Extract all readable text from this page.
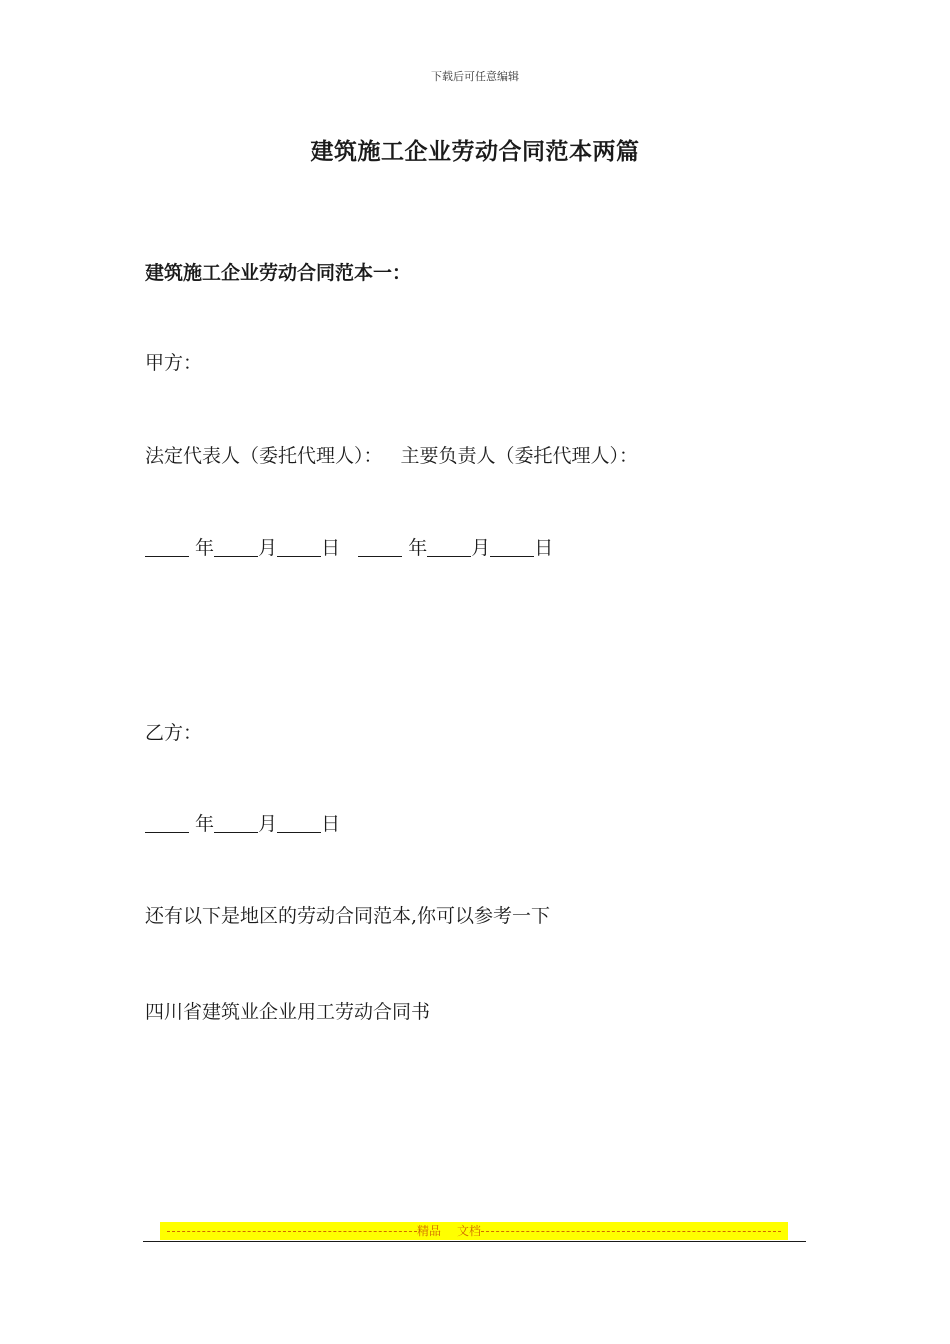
下载后可任意编辑
建筑施工企业劳动合同范本两篇
建筑施工企业劳动合同范本一：
甲方：
法定代表人（委托代理人）： 主要负责人（委托代理人）：
年 月 日	年 月 日
乙方：
年 月 日
还有以下是地区的劳动合同范本,你可以参考一下
四川省建筑业企业用工劳动合同书
精品 文档
